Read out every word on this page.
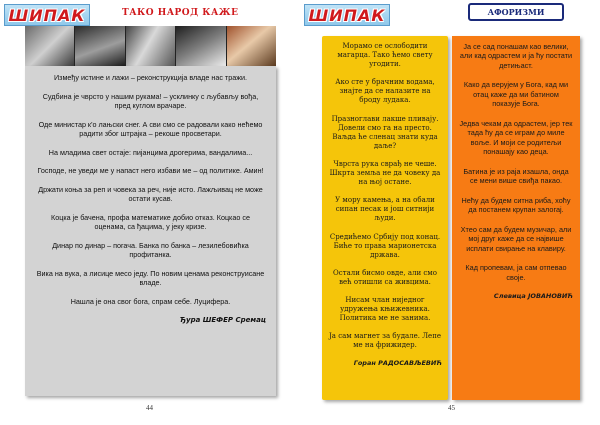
ШИПАК	ТАКО НАРОД КАЖЕ
Између истине и лажи – реконструкција владе нас тражи.
Судбина је чврсто у нашим рукама! – усклинку с љубављу вођа, пред куглом врачаре.
Оде министар к'о лањски снег. А сви смо се радовали како нећемо радити због штрајка – рекоше просветари.
На младима свет остаје: пијанцима дрогерима, вандалима...
Господе, не уведи ме у напаст него избави ме – од политике. Амин!
Држати коња за реп и човека за реч, није исто. Лажљивац не може остати кусав.
Коцка је бачена, профа математике добио отказ. Коцкао се оценама, са ђацима, у јеку кризе.
Динар по динар – погача. Банка по банка – лезилебовићка профитанка.
Вика на вука, а лисице месо једу. По новим ценама реконструисане владе.
Нашла је она свог бога, спрам себе. Луциферa.
Ђура ШЕФЕР Сремац
44
ШИПАК	АФОРИЗМИ
Морамо се ослободити магарца. Тако ћемо свету угодити.
Ако сте у брачним водама, знајте да се налазите на броду лудака.
Празноглави лакше пливају. Довели смо га на престо. Ваљда ће сленац знати куда даље?
Чврста рука сврађ не чеше. Шкрта земља не да човеку да на њој остане.
У мору камења, а на обали сипан песак и још ситнији људи.
Средићемо Србију под конац. Биће то права марионетска држава.
Остали бисмо овде, али смо већ отишли са живцима.
Нисам члан ниједног удружења књижевника. Политика ме не занима.
Ја сам магнет за будале. Лепе ме на фрижидер.
Горан РАДОСАВЉЕВИЋ
Ја се сад понашам као велики, али кад одрастем и ја ћу постати детињаст.
Како да верујем у Бога, кад ми отац каже да ми батином показује Бога.
Једва чекам да одрастем, јер тек тада ћу да се играм до миле воље. И моји се родитељи понашају као деца.
Батина је из раја изашла, онда се мени више свиђа пакао.
Нећу да будем ситна риба, хоћу да постанем крупан залогај.
Хтео сам да будем музичар, али мој друг каже да се највише исплати свирање на клавиру.
Кад пропевам, ја сам отпевао своје.
Слевица ЈОВАНОВИЋ
45
